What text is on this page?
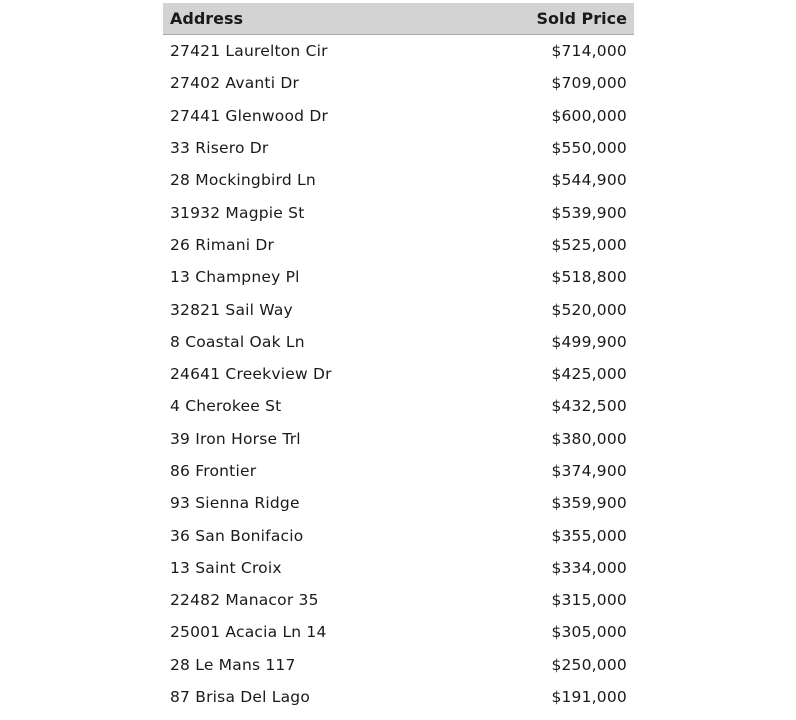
Address	Sold Price
27421 Laurelton Cir	$714,000
27402 Avanti Dr	$709,000
27441 Glenwood Dr	$600,000
33 Risero Dr	$550,000
28 Mockingbird Ln	$544,900
31932 Magpie St	$539,900
26 Rimani Dr	$525,000
13 Champney Pl	$518,800
32821 Sail Way	$520,000
8 Coastal Oak Ln	$499,900
24641 Creekview Dr	$425,000
4 Cherokee St	$432,500
39 Iron Horse Trl	$380,000
86 Frontier	$374,900
93 Sienna Ridge	$359,900
36 San Bonifacio	$355,000
13 Saint Croix	$334,000
22482 Manacor 35	$315,000
25001 Acacia Ln 14	$305,000
28 Le Mans 117	$250,000
87 Brisa Del Lago	$191,000
